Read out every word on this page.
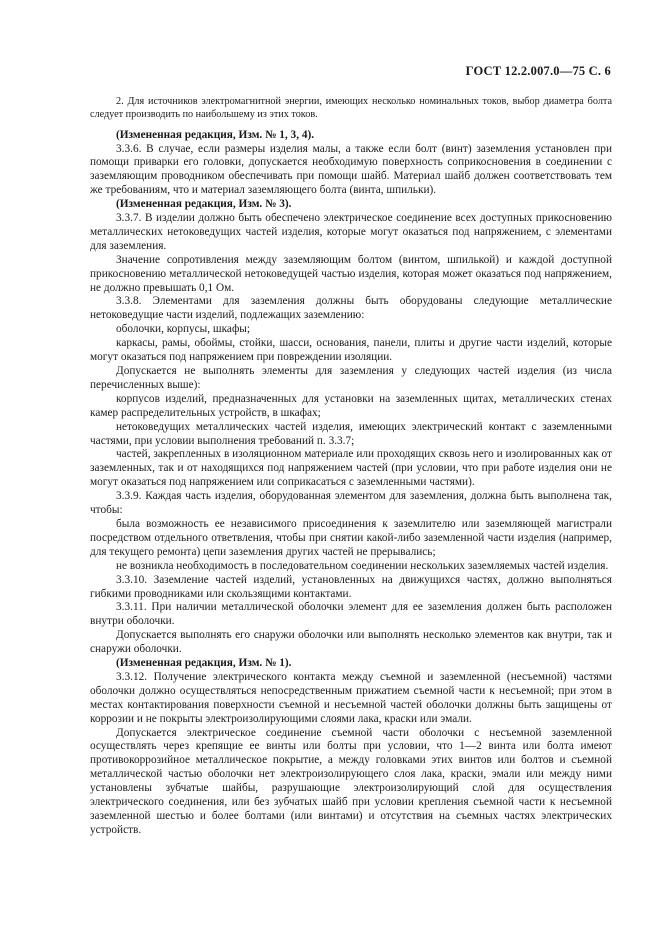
ГОСТ 12.2.007.0—75 С. 6

2. Для источников электромагнитной энергии, имеющих несколько номинальных токов, выбор диаметра болта следует производить по наибольшему из этих токов.

(Измененная редакция, Изм. № 1, 3, 4).

3.3.6. В случае, если размеры изделия малы, а также если болт (винт) заземления установлен при помощи приварки его головки, допускается необходимую поверхность соприкосновения в соединении с заземляющим проводником обеспечивать при помощи шайб. Материал шайб должен соответствовать тем же требованиям, что и материал заземляющего болта (винта, шпильки).

(Измененная редакция, Изм. № 3).

3.3.7. В изделии должно быть обеспечено электрическое соединение всех доступных прикосновению металлических нетоковедущих частей изделия, которые могут оказаться под напряжением, с элементами для заземления.

Значение сопротивления между заземляющим болтом (винтом, шпилькой) и каждой доступной прикосновению металлической нетоковедущей частью изделия, которая может оказаться под напряжением, не должно превышать 0,1 Ом.

3.3.8. Элементами для заземления должны быть оборудованы следующие металлические нетоковедущие части изделий, подлежащих заземлению:

оболочки, корпусы, шкафы;

каркасы, рамы, обоймы, стойки, шасси, основания, панели, плиты и другие части изделий, которые могут оказаться под напряжением при повреждении изоляции.

Допускается не выполнять элементы для заземления у следующих частей изделия (из числа перечисленных выше):

корпусов изделий, предназначенных для установки на заземленных щитах, металлических стенах камер распределительных устройств, в шкафах;

нетоковедущих металлических частей изделия, имеющих электрический контакт с заземленными частями, при условии выполнения требований п. 3.3.7;

частей, закрепленных в изоляционном материале или проходящих сквозь него и изолированных как от заземленных, так и от находящихся под напряжением частей (при условии, что при работе изделия они не могут оказаться под напряжением или соприкасаться с заземленными частями).

3.3.9. Каждая часть изделия, оборудованная элементом для заземления, должна быть выполнена так, чтобы:

была возможность ее независимого присоединения к заземлителю или заземляющей магистрали посредством отдельного ответвления, чтобы при снятии какой-либо заземленной части изделия (например, для текущего ремонта) цепи заземления других частей не прерывались;

не возникла необходимость в последовательном соединении нескольких заземляемых частей изделия.

3.3.10. Заземление частей изделий, установленных на движущихся частях, должно выполняться гибкими проводниками или скользящими контактами.

3.3.11. При наличии металлической оболочки элемент для ее заземления должен быть расположен внутри оболочки.

Допускается выполнять его снаружи оболочки или выполнять несколько элементов как внутри, так и снаружи оболочки.

(Измененная редакция, Изм. № 1).

3.3.12. Получение электрического контакта между съемной и заземленной (несъемной) частями оболочки должно осуществляться непосредственным прижатием съемной части к несъемной; при этом в местах контактирования поверхности съемной и несъемной частей оболочки должны быть защищены от коррозии и не покрыты электроизолирующими слоями лака, краски или эмали.

Допускается электрическое соединение съемной части оболочки с несъемной заземленной осуществлять через крепящие ее винты или болты при условии, что 1—2 винта или болта имеют противокоррозийное металлическое покрытие, а между головками этих винтов или болтов и съемной металлической частью оболочки нет электроизолирующего слоя лака, краски, эмали или между ними установлены зубчатые шайбы, разрушающие электроизолирующий слой для осуществления электрического соединения, или без зубчатых шайб при условии крепления съемной части к несъемной заземленной шестью и более болтами (или винтами) и отсутствия на съемных частях электрических устройств.
